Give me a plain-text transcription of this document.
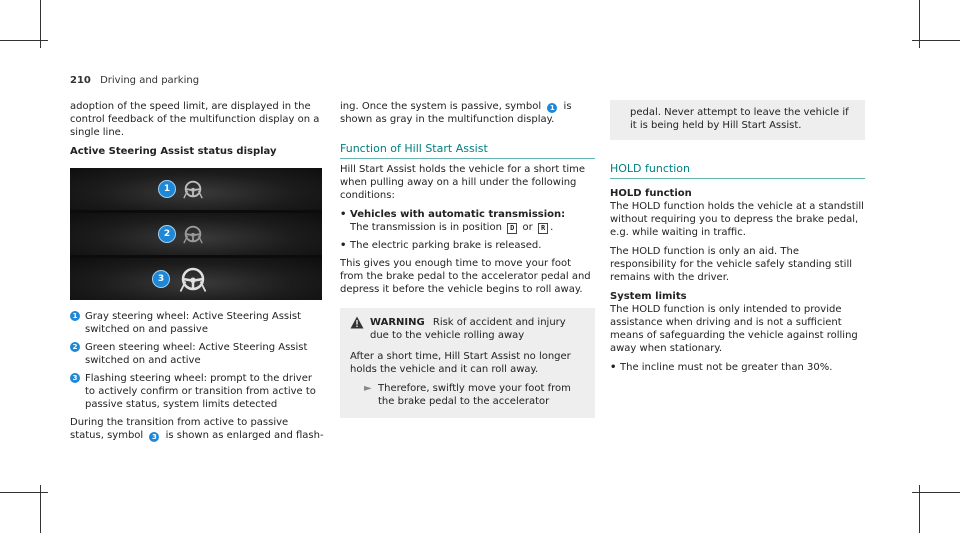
210 Driving and parking

adoption of the speed limit, are displayed in the control feedback of the multifunction display on a single line.

Active Steering Assist status display
1
2
3
1 Gray steering wheel: Active Steering Assist switched on and passive
2 Green steering wheel: Active Steering Assist switched on and active
3 Flashing steering wheel: prompt to the driver to actively confirm or transition from active to passive status, system limits detected

During the transition from active to passive status, symbol 3 is shown as enlarged and flash-

ing. Once the system is passive, symbol 1 is shown as gray in the multifunction display.

Function of Hill Start Assist

Hill Start Assist holds the vehicle for a short time when pulling away on a hill under the following conditions:

• Vehicles with automatic transmission:
The transmission is in position D or R .
• The electric parking brake is released.

This gives you enough time to move your foot from the brake pedal to the accelerator pedal and depress it before the vehicle begins to roll away.

WARNING Risk of accident and injury due to the vehicle rolling away

After a short time, Hill Start Assist no longer holds the vehicle and it can roll away.

► Therefore, swiftly move your foot from the brake pedal to the accelerator
pedal. Never attempt to leave the vehicle if it is being held by Hill Start Assist.
HOLD function
HOLD function

The HOLD function holds the vehicle at a standstill without requiring you to depress the brake pedal, e.g. while waiting in traffic.

The HOLD function is only an aid. The responsibility for the vehicle safely standing still remains with the driver.

System limits

The HOLD function is only intended to provide assistance when driving and is not a sufficient means of safeguarding the vehicle against rolling away when stationary.

• The incline must not be greater than 30%.
